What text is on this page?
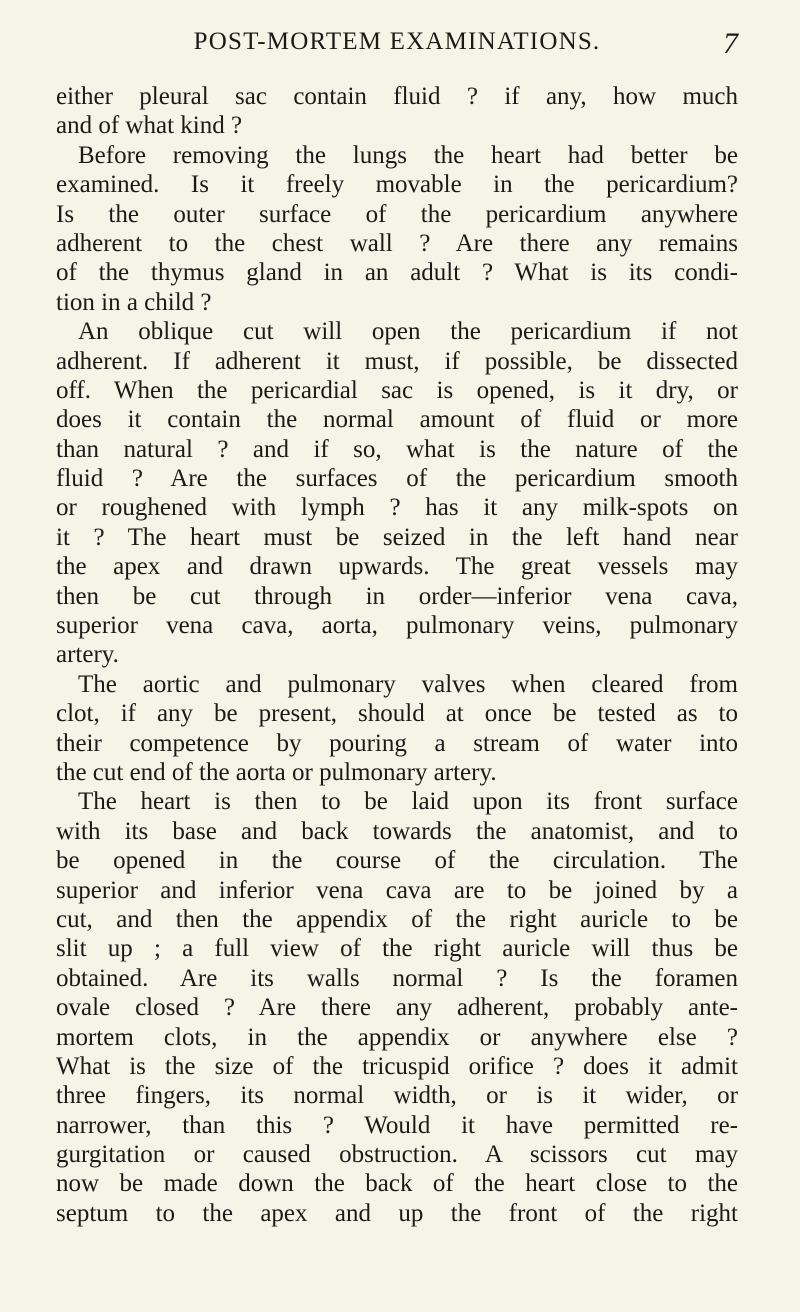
POST-MORTEM EXAMINATIONS.	7
either pleural sac contain fluid ? if any, how much
and of what kind ?
Before removing the lungs the heart had better be
examined. Is it freely movable in the pericardium?
Is the outer surface of the pericardium anywhere
adherent to the chest wall ? Are there any remains
of the thymus gland in an adult ? What is its condi-
tion in a child ?
An oblique cut will open the pericardium if not
adherent. If adherent it must, if possible, be dissected
off. When the pericardial sac is opened, is it dry, or
does it contain the normal amount of fluid or more
than natural ? and if so, what is the nature of the
fluid ? Are the surfaces of the pericardium smooth
or roughened with lymph ? has it any milk-spots on
it ? The heart must be seized in the left hand near
the apex and drawn upwards. The great vessels may
then be cut through in order—inferior vena cava,
superior vena cava, aorta, pulmonary veins, pulmonary
artery.
The aortic and pulmonary valves when cleared from
clot, if any be present, should at once be tested as to
their competence by pouring a stream of water into
the cut end of the aorta or pulmonary artery.
The heart is then to be laid upon its front surface
with its base and back towards the anatomist, and to
be opened in the course of the circulation. The
superior and inferior vena cava are to be joined by a
cut, and then the appendix of the right auricle to be
slit up ; a full view of the right auricle will thus be
obtained. Are its walls normal ? Is the foramen
ovale closed ? Are there any adherent, probably ante-
mortem clots, in the appendix or anywhere else ?
What is the size of the tricuspid orifice ? does it admit
three fingers, its normal width, or is it wider, or
narrower, than this ? Would it have permitted re-
gurgitation or caused obstruction. A scissors cut may
now be made down the back of the heart close to the
septum to the apex and up the front of the right
